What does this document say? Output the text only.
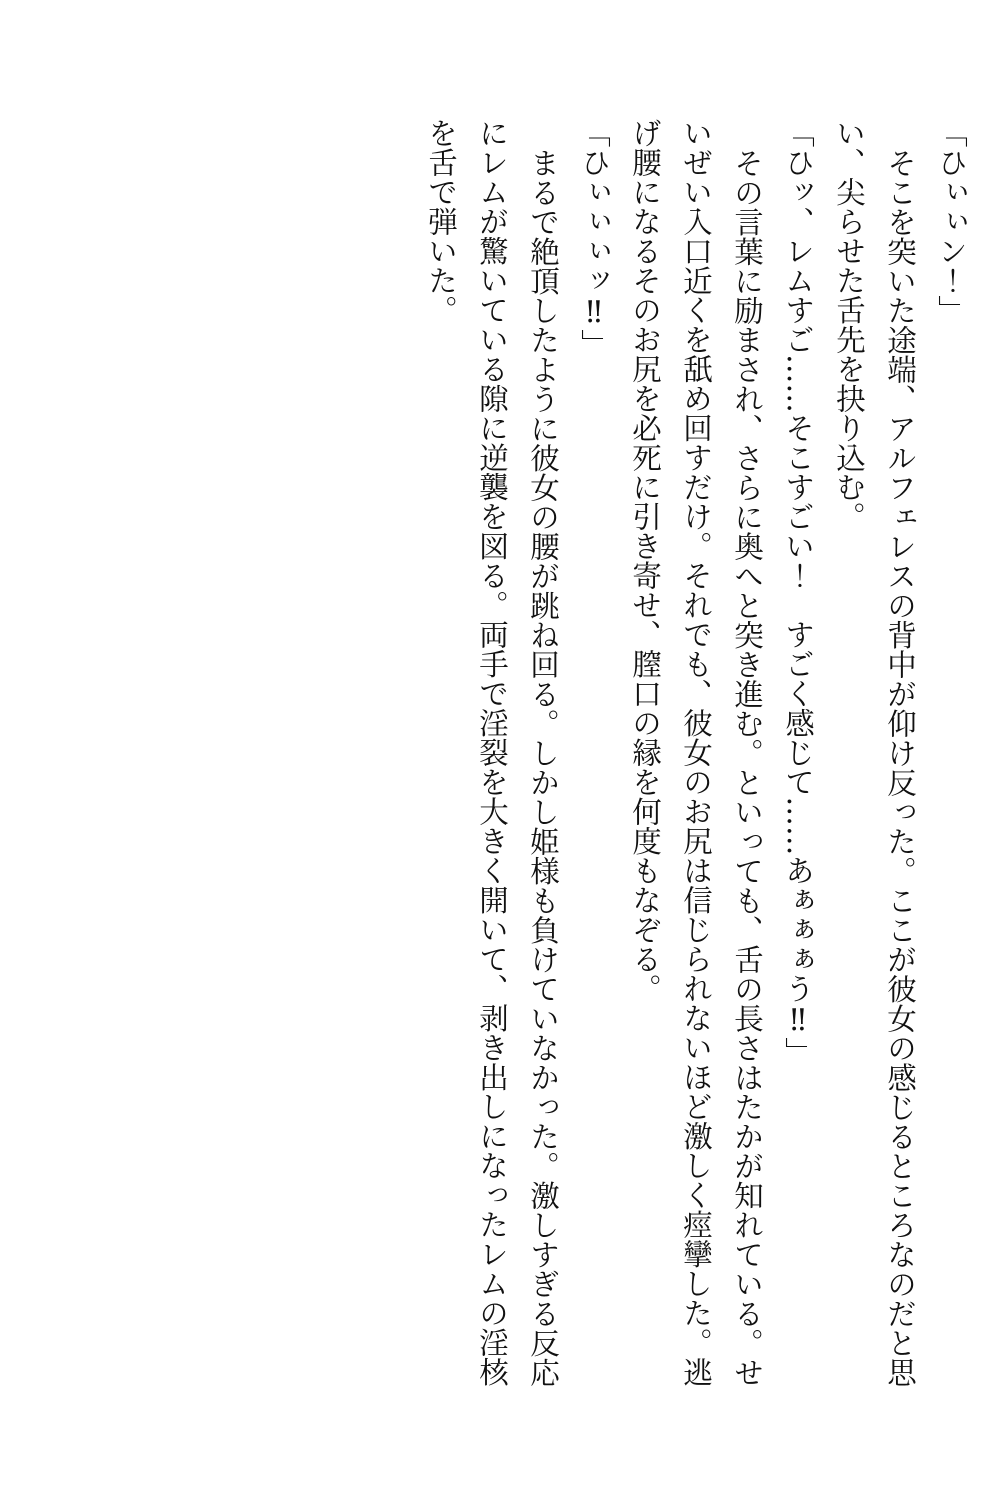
「ひぃぃン！」

そこを突いた途端、アルフェレスの背中が仰け反った。ここが彼女の感じるところなのだと思い、尖らせた舌先を抉り込む。

「ひッ、レムすご……そこすごい！　すごく感じて……あぁぁぁう‼」

その言葉に励まされ、さらに奥へと突き進む。といっても、舌の長さはたかが知れている。せいぜい入口近くを舐め回すだけ。それでも、彼女のお尻は信じられないほど激しく痙攣した。逃げ腰になるそのお尻を必死に引き寄せ、膣口の縁を何度もなぞる。

「ひぃぃぃッ‼」

まるで絶頂したように彼女の腰が跳ね回る。しかし姫様も負けていなかった。激しすぎる反応にレムが驚いている隙に逆襲を図る。両手で淫裂を大きく開いて、剥き出しになったレムの淫核を舌で弾いた。
